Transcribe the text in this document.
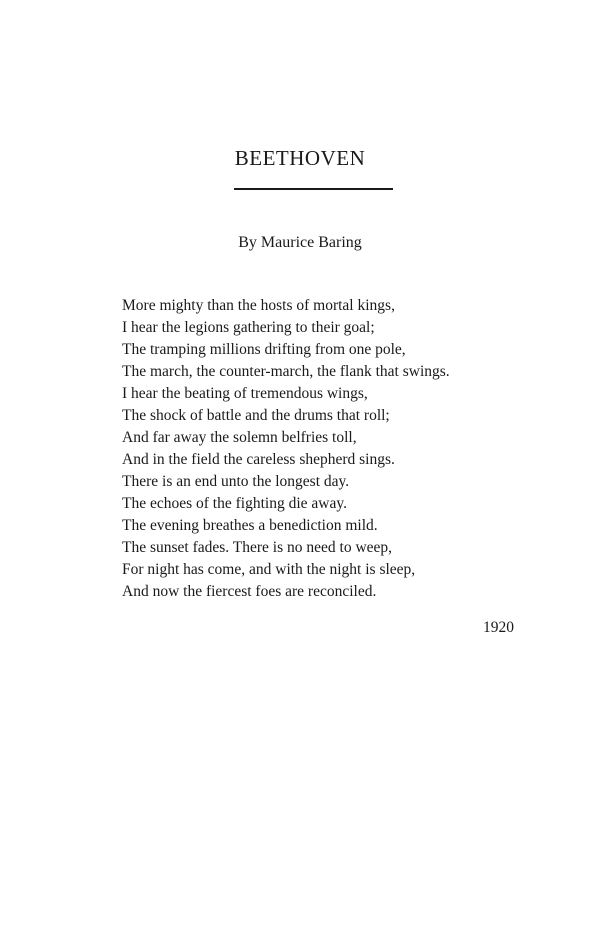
BEETHOVEN
By Maurice Baring
More mighty than the hosts of mortal kings,
I hear the legions gathering to their goal;
The tramping millions drifting from one pole,
The march, the counter-march, the flank that swings.
I hear the beating of tremendous wings,
The shock of battle and the drums that roll;
And far away the solemn belfries toll,
And in the field the careless shepherd sings.
There is an end unto the longest day.
The echoes of the fighting die away.
The evening breathes a benediction mild.
The sunset fades. There is no need to weep,
For night has come, and with the night is sleep,
And now the fiercest foes are reconciled.
1920
